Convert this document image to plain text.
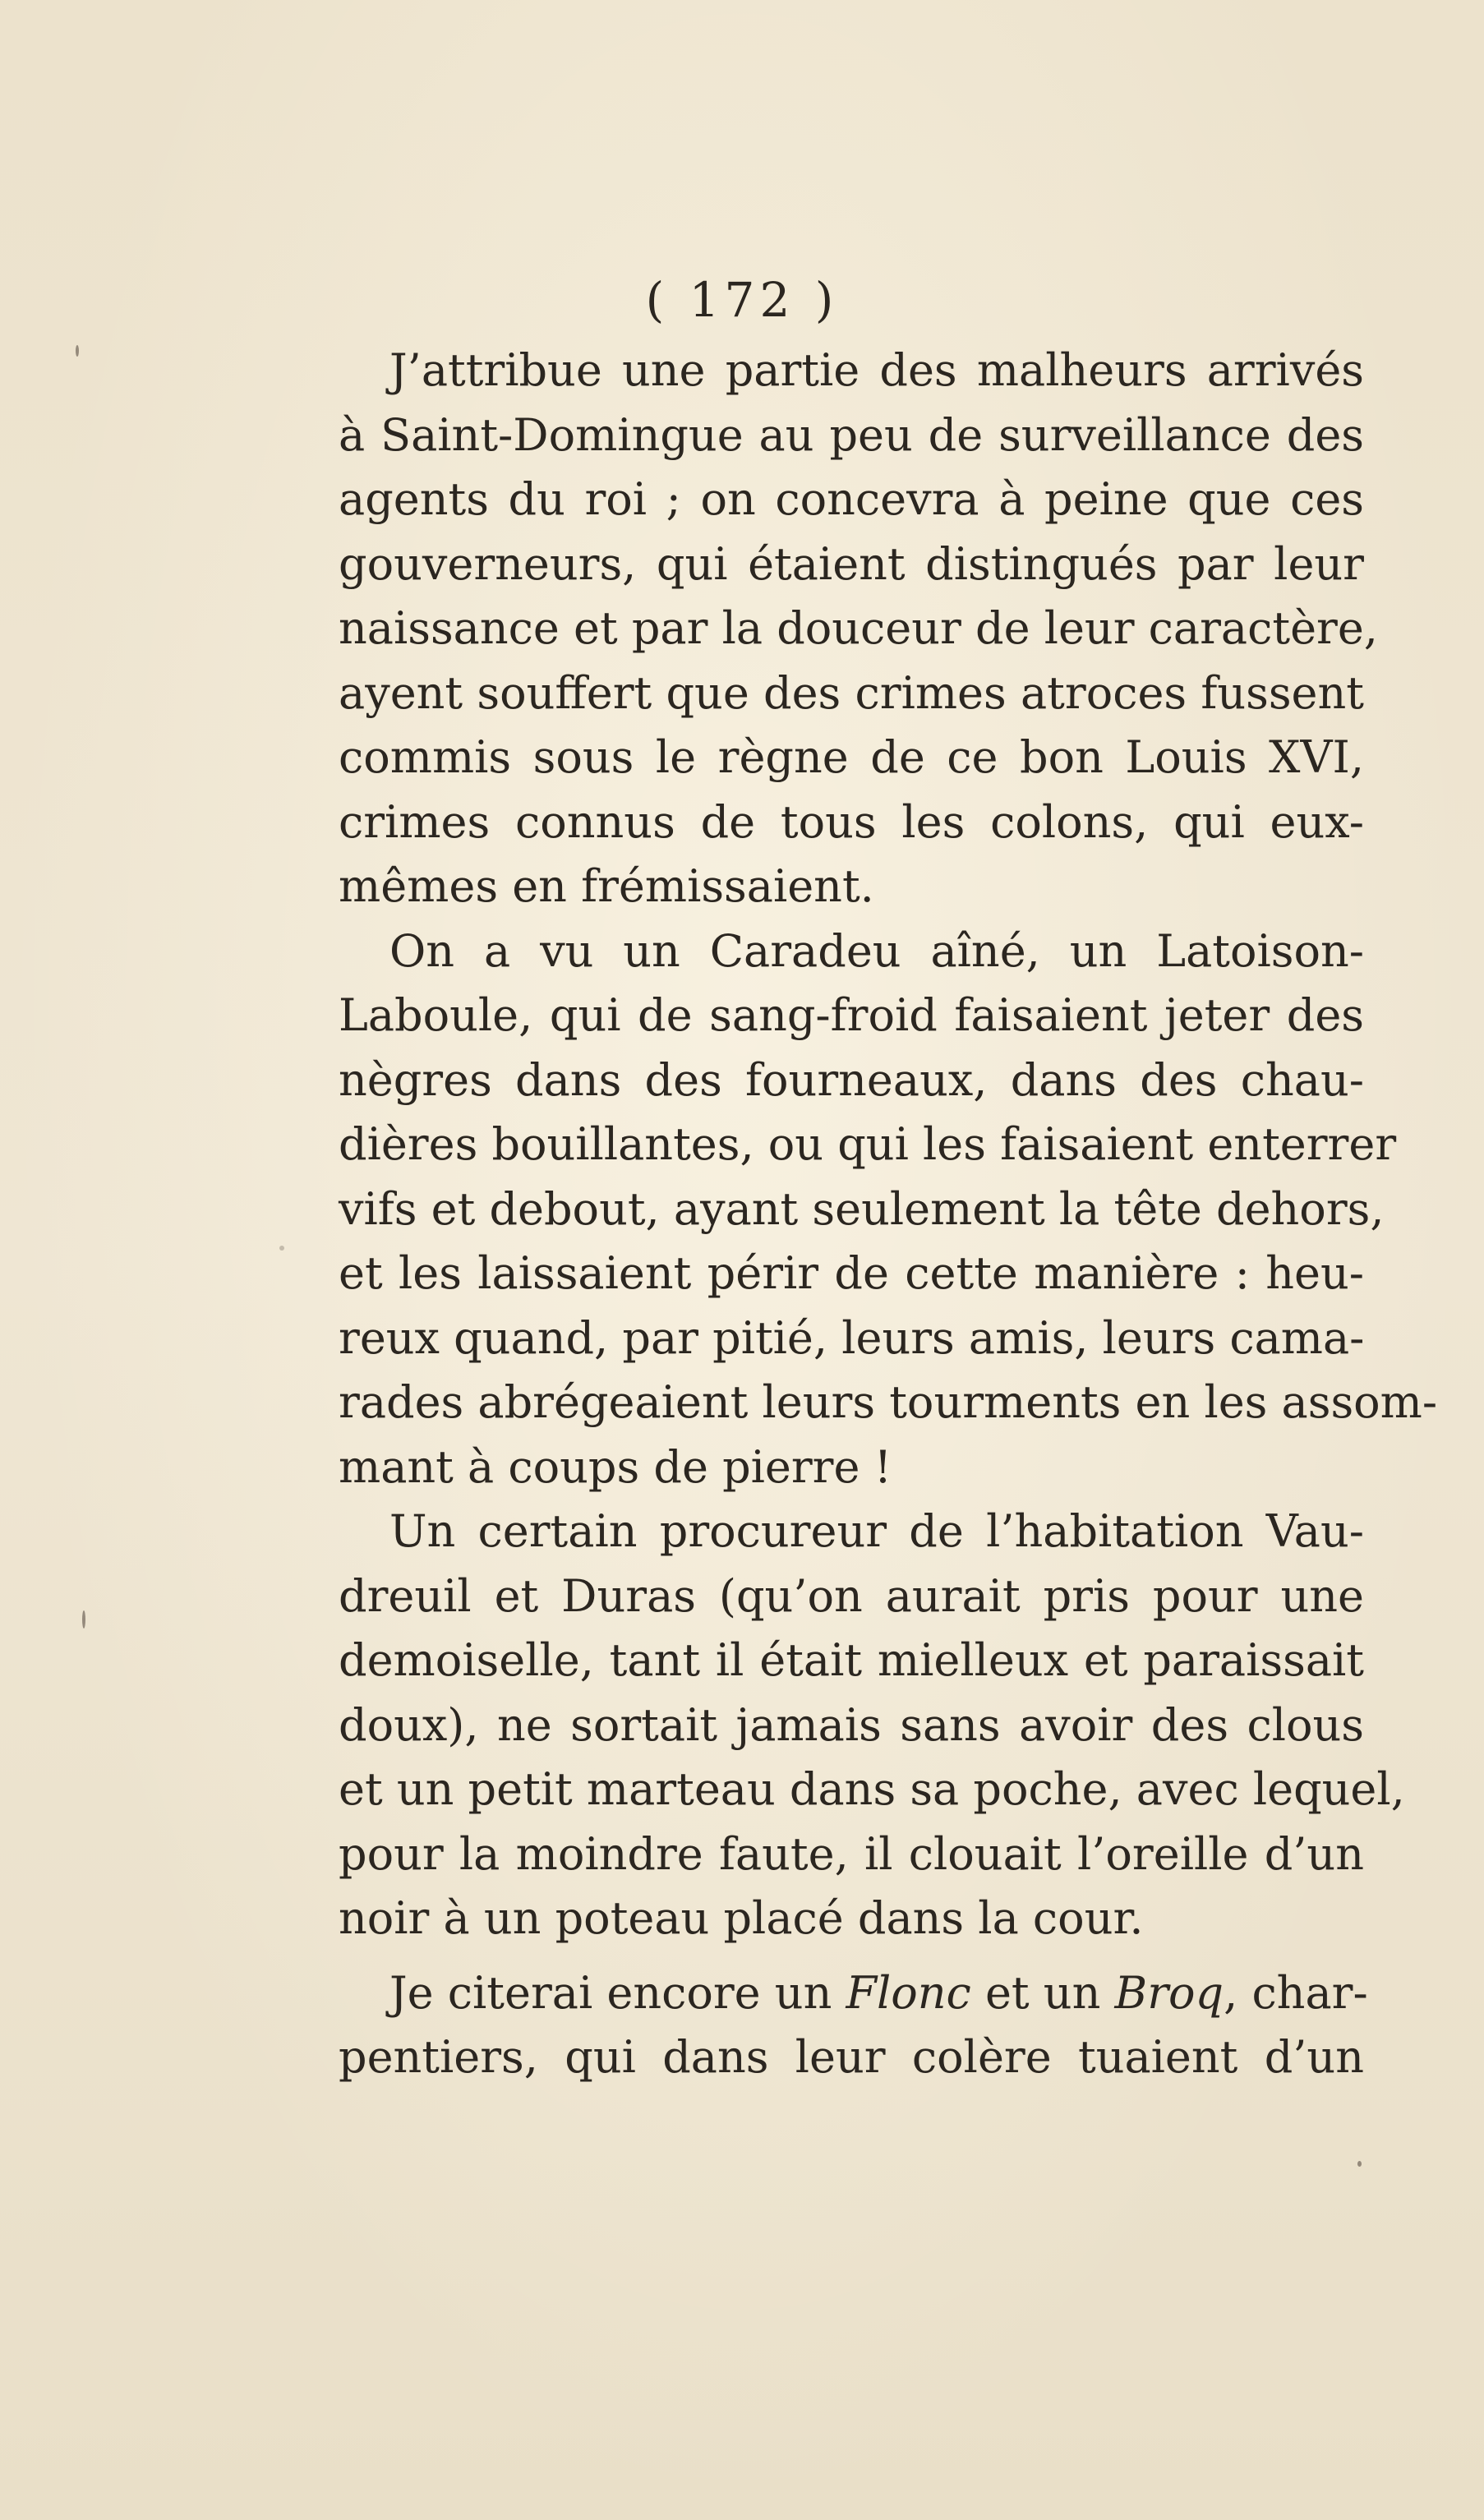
( 172 )
J’attribue une partie des malheurs arrivés
à Saint-Domingue au peu de surveillance des
agents du roi ; on concevra à peine que ces
gouverneurs, qui étaient distingués par leur
naissance et par la douceur de leur caractère,
ayent souffert que des crimes atroces fussent
commis sous le règne de ce bon Louis XVI,
crimes connus de tous les colons, qui eux-
mêmes en frémissaient.
On a vu un Caradeu aîné, un Latoison-
Laboule, qui de sang-froid faisaient jeter des
nègres dans des fourneaux, dans des chau-
dières bouillantes, ou qui les faisaient enterrer
vifs et debout, ayant seulement la tête dehors,
et les laissaient périr de cette manière : heu-
reux quand, par pitié, leurs amis, leurs cama-
rades abrégeaient leurs tourments en les assom-
mant à coups de pierre !
Un certain procureur de l’habitation Vau-
dreuil et Duras (qu’on aurait pris pour une
demoiselle, tant il était mielleux et paraissait
doux), ne sortait jamais sans avoir des clous
et un petit marteau dans sa poche, avec lequel,
pour la moindre faute, il clouait l’oreille d’un
noir à un poteau placé dans la cour.
Je citerai encore un Flonc et un Broq, char-
pentiers, qui dans leur colère tuaient d’un
